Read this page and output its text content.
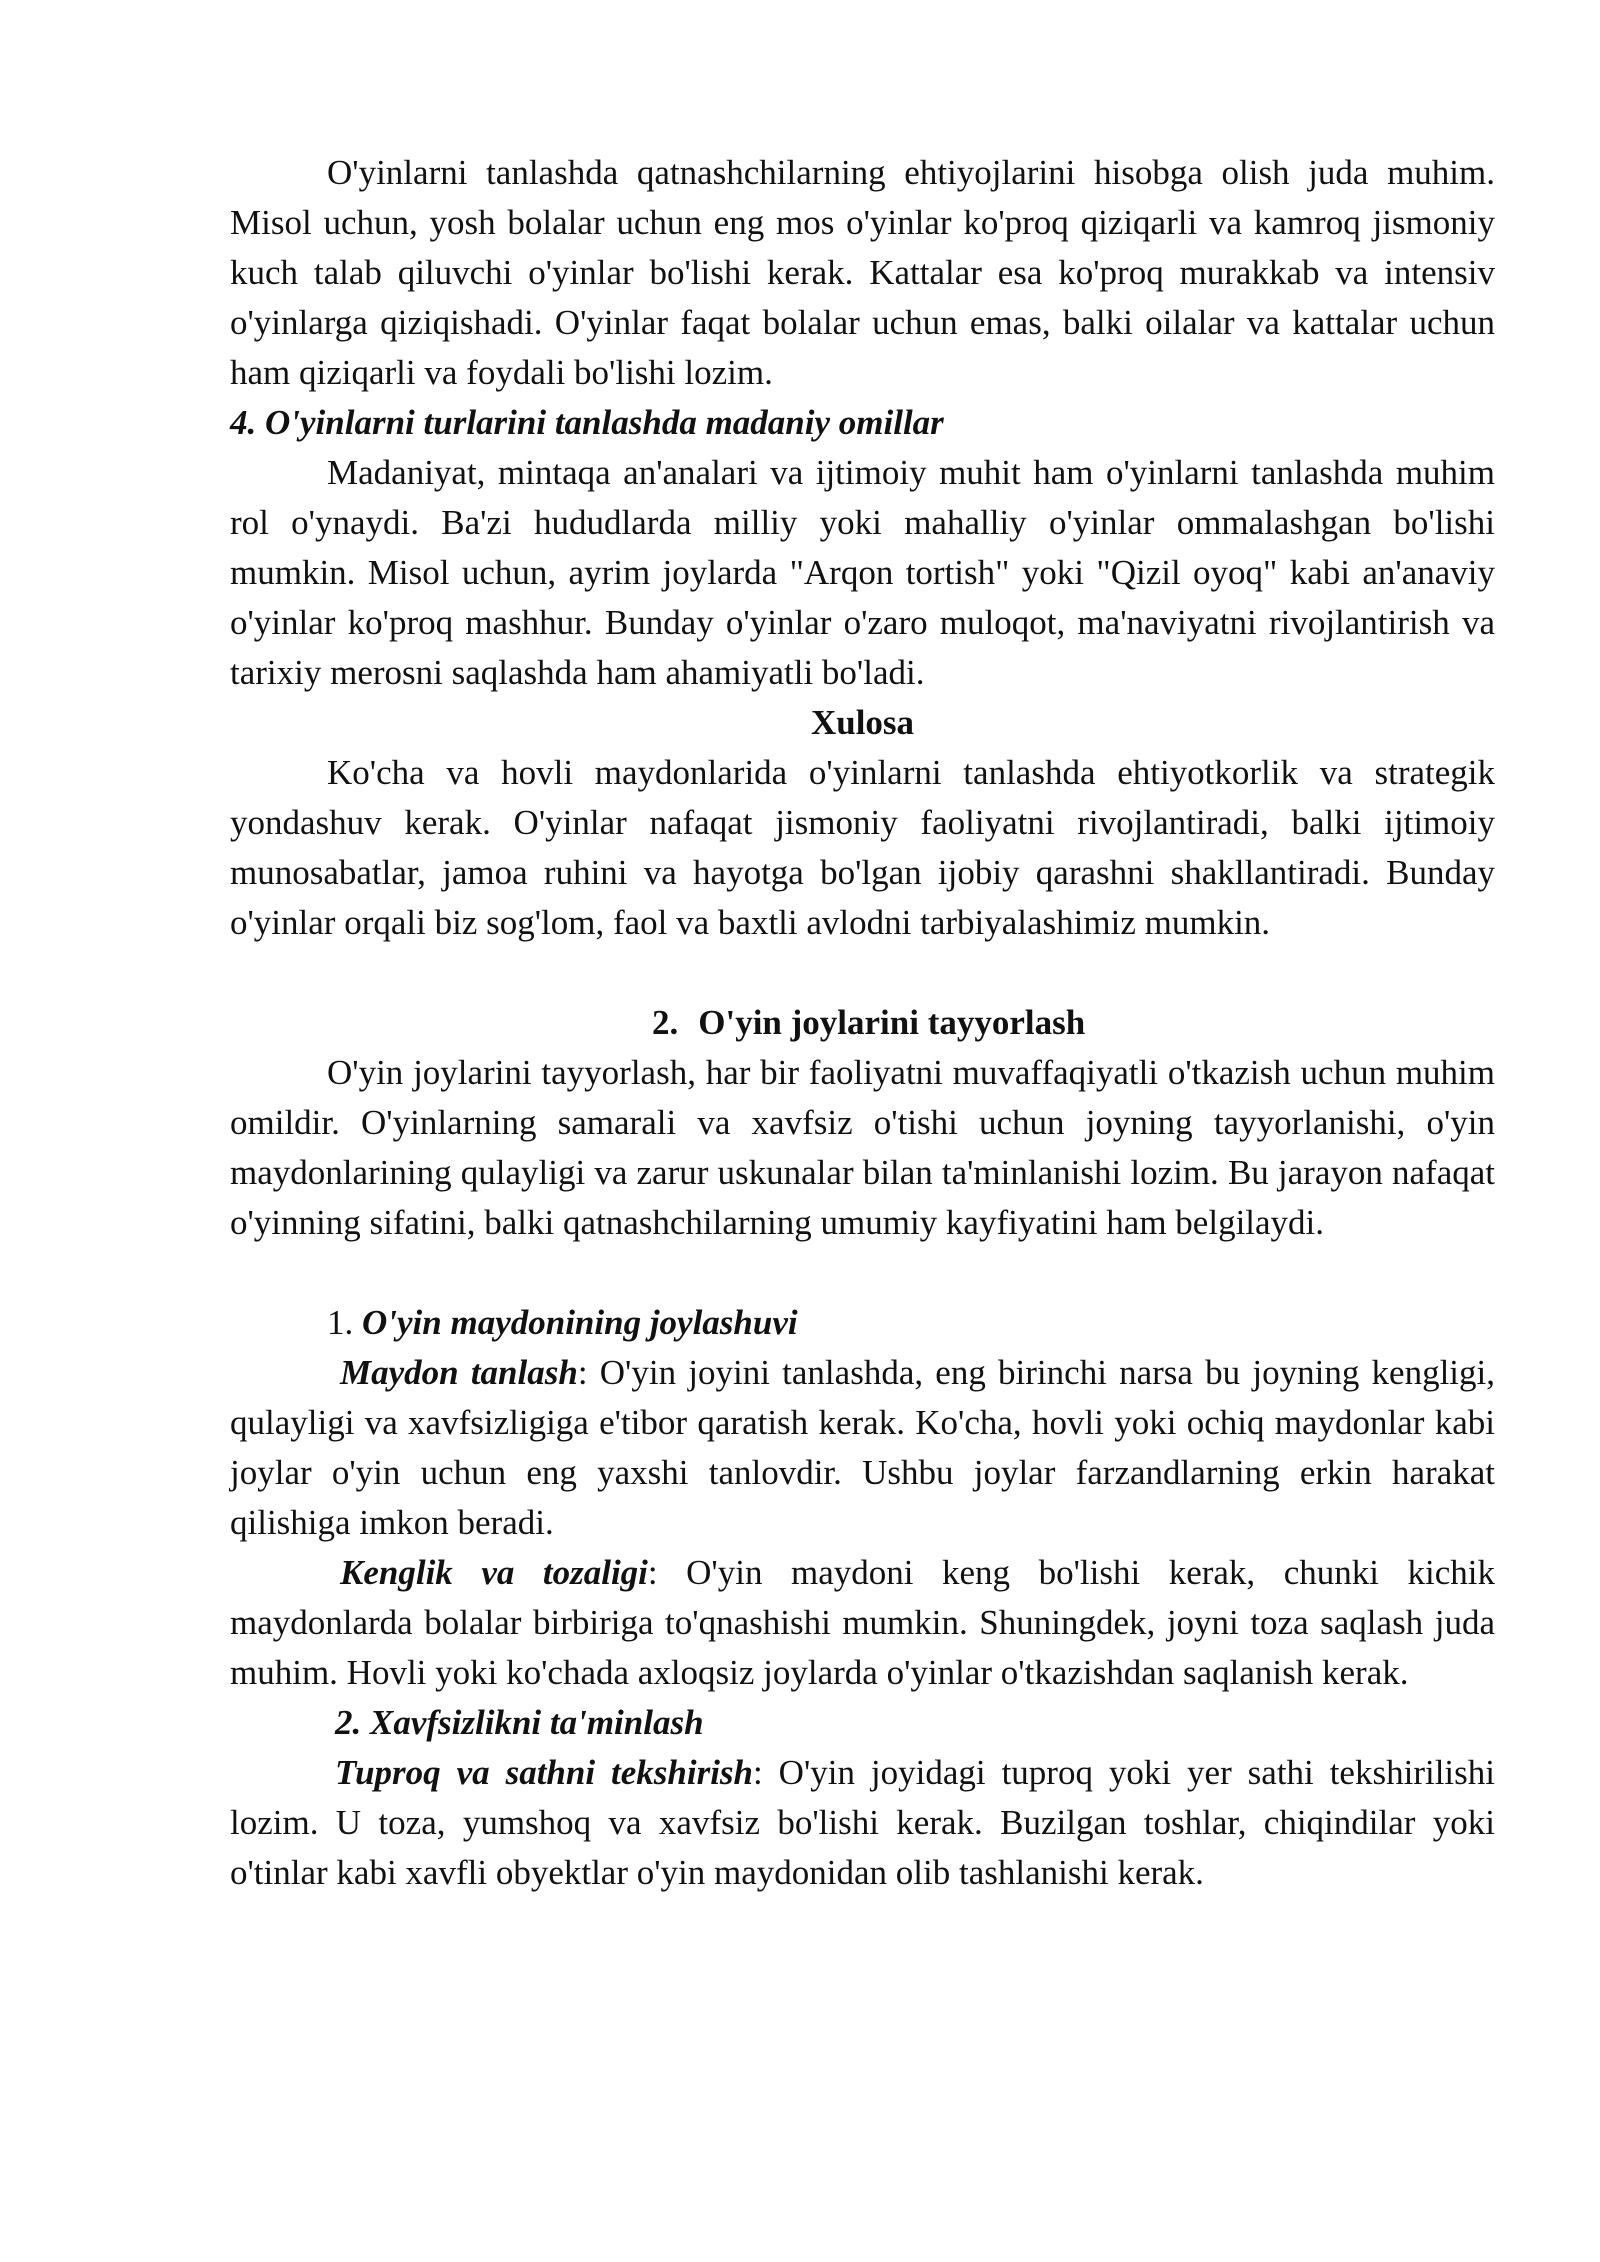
O'yinlarni tanlashda qatnashchilarning ehtiyojlarini hisobga olish juda muhim. Misol uchun, yosh bolalar uchun eng mos o'yinlar ko'proq qiziqarli va kamroq jismoniy kuch talab qiluvchi o'yinlar bo'lishi kerak. Kattalar esa ko'proq murakkab va intensiv o'yinlarga qiziqishadi. O'yinlar faqat bolalar uchun emas, balki oilalar va kattalar uchun ham qiziqarli va foydali bo'lishi lozim.

4. O'yinlarni turlarini tanlashda madaniy omillar

Madaniyat, mintaqa an'analari va ijtimoiy muhit ham o'yinlarni tanlashda muhim rol o'ynaydi. Ba'zi hududlarda milliy yoki mahalliy o'yinlar ommalashgan bo'lishi mumkin. Misol uchun, ayrim joylarda "Arqon tortish" yoki "Qizil oyoq" kabi an'anaviy o'yinlar ko'proq mashhur. Bunday o'yinlar o'zaro muloqot, ma'naviyatni rivojlantirish va tarixiy merosni saqlashda ham ahamiyatli bo'ladi.

Xulosa

Ko'cha va hovli maydonlarida o'yinlarni tanlashda ehtiyotkorlik va strategik yondashuv kerak. O'yinlar nafaqat jismoniy faoliyatni rivojlantiradi, balki ijtimoiy munosabatlar, jamoa ruhini va hayotga bo'lgan ijobiy qarashni shakllantiradi. Bunday o'yinlar orqali biz sog'lom, faol va baxtli avlodni tarbiyalashimiz mumkin.

2. O'yin joylarini tayyorlash

O'yin joylarini tayyorlash, har bir faoliyatni muvaffaqiyatli o'tkazish uchun muhim omildir. O'yinlarning samarali va xavfsiz o'tishi uchun joyning tayyorlanishi, o'yin maydonlarining qulayligi va zarur uskunalar bilan ta'minlanishi lozim. Bu jarayon nafaqat o'yinning sifatini, balki qatnashchilarning umumiy kayfiyatini ham belgilaydi.

1. O'yin maydonining joylashuvi

Maydon tanlash: O'yin joyini tanlashda, eng birinchi narsa bu joyning kengligi, qulayligi va xavfsizligiga e'tibor qaratish kerak. Ko'cha, hovli yoki ochiq maydonlar kabi joylar o'yin uchun eng yaxshi tanlovdir. Ushbu joylar farzandlarning erkin harakat qilishiga imkon beradi.

Kenglik va tozaligi: O'yin maydoni keng bo'lishi kerak, chunki kichik maydonlarda bolalar birbiriga to'qnashishi mumkin. Shuningdek, joyni toza saqlash juda muhim. Hovli yoki ko'chada axloqsiz joylarda o'yinlar o'tkazishdan saqlanish kerak.

2. Xavfsizlikni ta'minlash

Tuproq va sathni tekshirish: O'yin joyidagi tuproq yoki yer sathi tekshirilishi lozim. U toza, yumshoq va xavfsiz bo'lishi kerak. Buzilgan toshlar, chiqindilar yoki o'tinlar kabi xavfli obyektlar o'yin maydonidan olib tashlanishi kerak.
